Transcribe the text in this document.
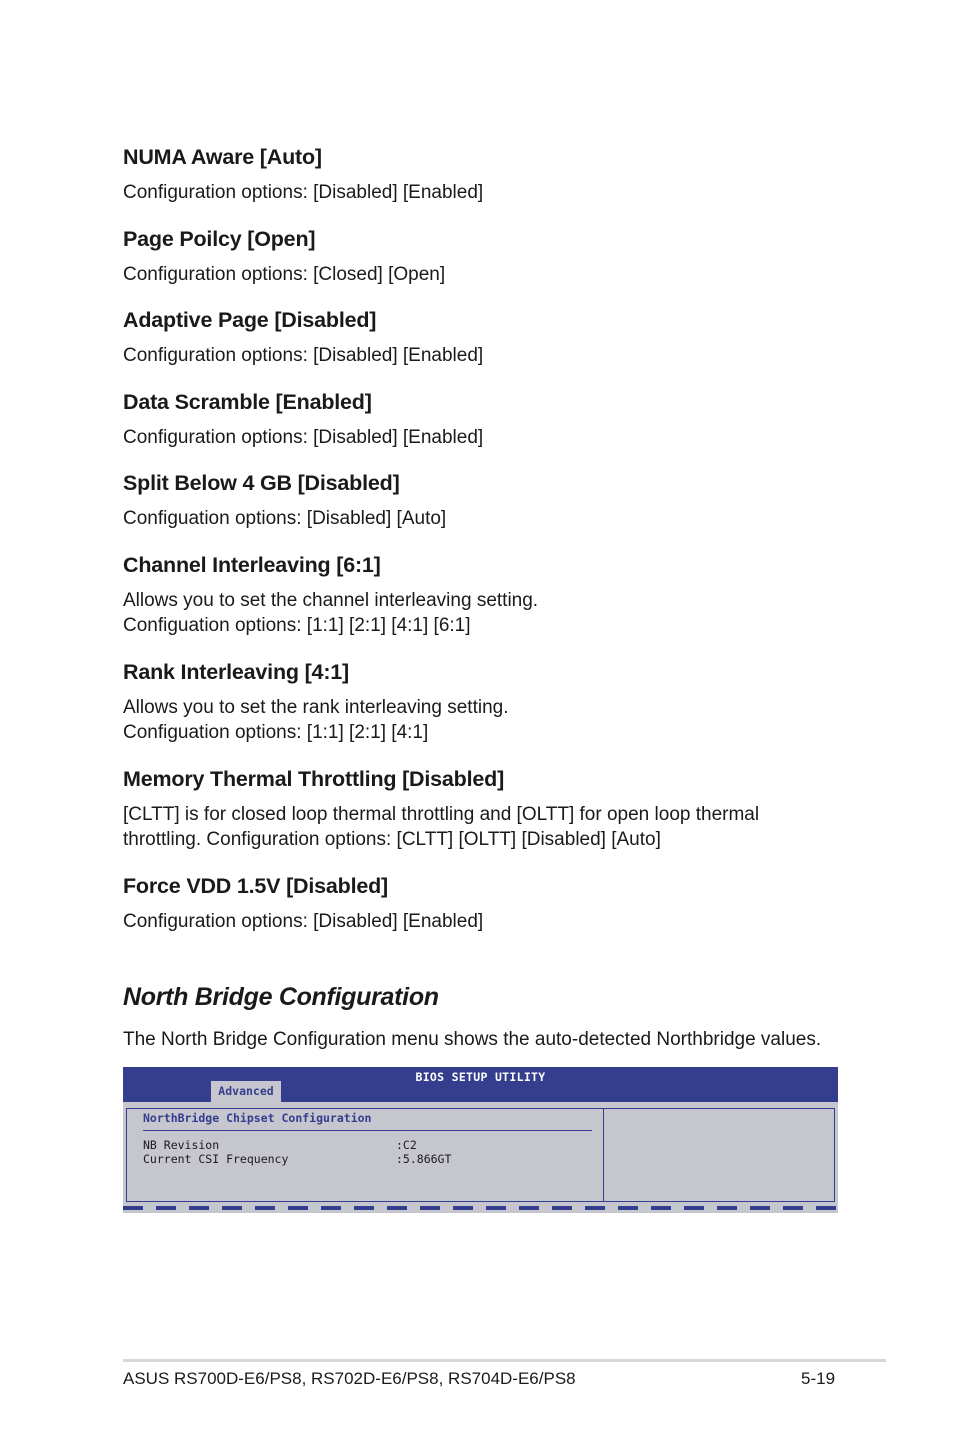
NUMA Aware [Auto]

Configuration options: [Disabled] [Enabled]

Page Poilcy [Open]

Configuration options: [Closed] [Open]

Adaptive Page [Disabled]

Configuration options: [Disabled] [Enabled]

Data Scramble [Enabled]

Configuration options: [Disabled] [Enabled]

Split Below 4 GB [Disabled]

Configuation options: [Disabled] [Auto]

Channel Interleaving [6:1]

Allows you to set the channel interleaving setting.

Configuation options: [1:1] [2:1] [4:1] [6:1]

Rank Interleaving [4:1]

Allows you to set the rank interleaving setting.

Configuation options: [1:1] [2:1] [4:1]

Memory Thermal Throttling [Disabled]

[CLTT] is for closed loop thermal throttling and [OLTT] for open loop thermal

throttling. Configuration options: [CLTT] [OLTT] [Disabled] [Auto]

Force VDD 1.5V [Disabled]

Configuration options: [Disabled] [Enabled]

North Bridge Configuration

The North Bridge Configuration menu shows the auto-detected Northbridge values.

BIOS SETUP UTILITY
Advanced
NorthBridge Chipset Configuration
NB Revision	:C2
Current CSI Frequency	:5.866GT
ASUS RS700D-E6/PS8, RS702D-E6/PS8, RS704D-E6/PS8	5-19
